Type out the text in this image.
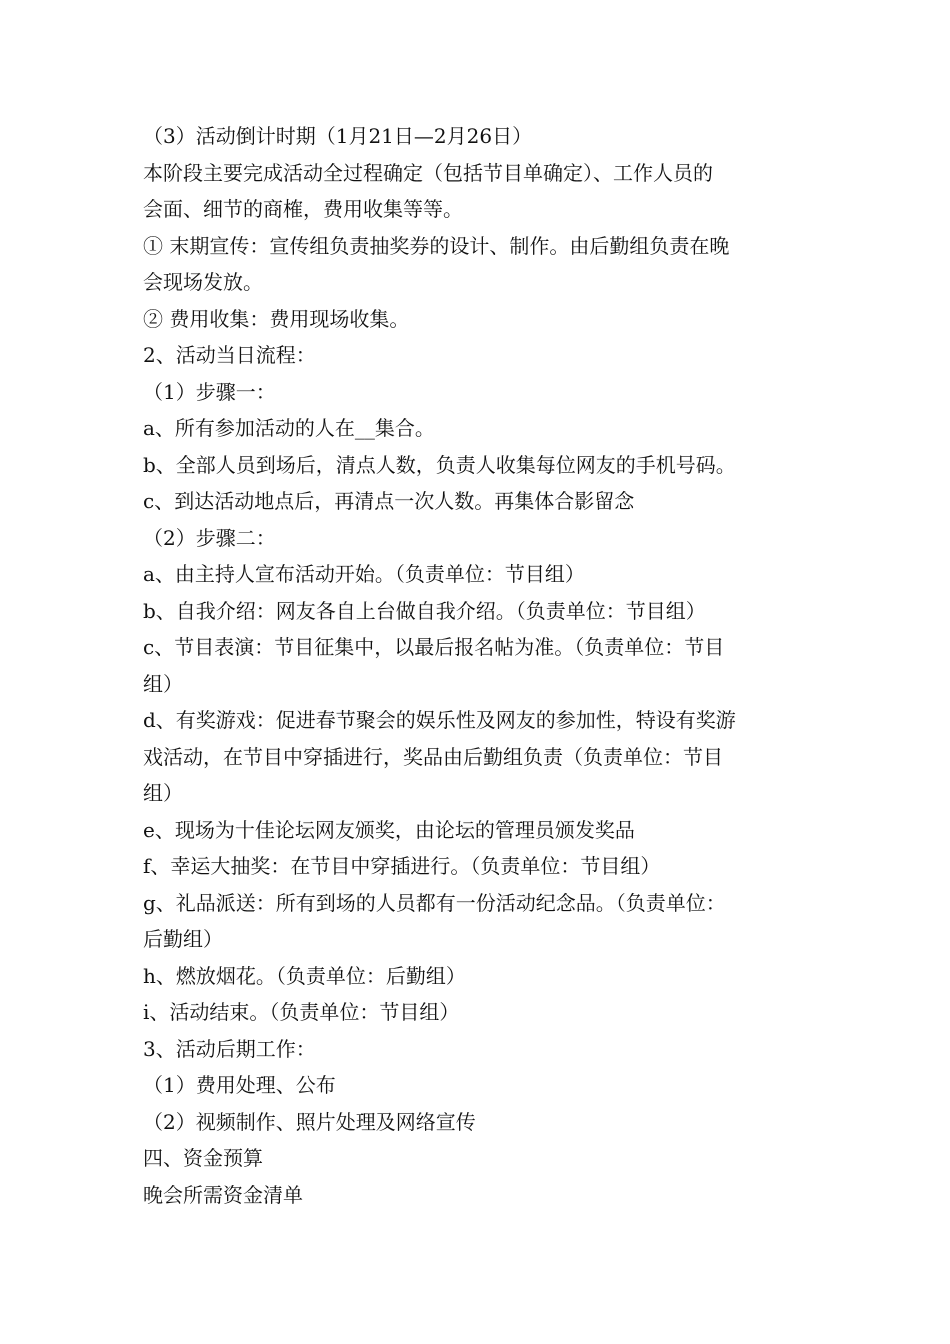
（3）活动倒计时期（1月21日—2月26日）
本阶段主要完成活动全过程确定（包括节目单确定）、工作人员的
会面、细节的商榷，费用收集等等。
① 末期宣传：宣传组负责抽奖券的设计、制作。由后勤组负责在晚
会现场发放。
② 费用收集：费用现场收集。
2、活动当日流程：
（1）步骤一：
a、所有参加活动的人在__集合。
b、全部人员到场后，清点人数，负责人收集每位网友的手机号码。
c、到达活动地点后，再清点一次人数。再集体合影留念
（2）步骤二：
a、由主持人宣布活动开始。（负责单位：节目组）
b、自我介绍：网友各自上台做自我介绍。（负责单位：节目组）
c、节目表演：节目征集中，以最后报名帖为准。（负责单位：节目
组）
d、有奖游戏：促进春节聚会的娱乐性及网友的参加性，特设有奖游
戏活动，在节目中穿插进行，奖品由后勤组负责（负责单位：节目
组）
e、现场为十佳论坛网友颁奖，由论坛的管理员颁发奖品
f、幸运大抽奖：在节目中穿插进行。（负责单位：节目组）
g、礼品派送：所有到场的人员都有一份活动纪念品。（负责单位：
后勤组）
h、燃放烟花。（负责单位：后勤组）
i、活动结束。（负责单位：节目组）
3、活动后期工作：
（1）费用处理、公布
（2）视频制作、照片处理及网络宣传
四、资金预算
晚会所需资金清单
